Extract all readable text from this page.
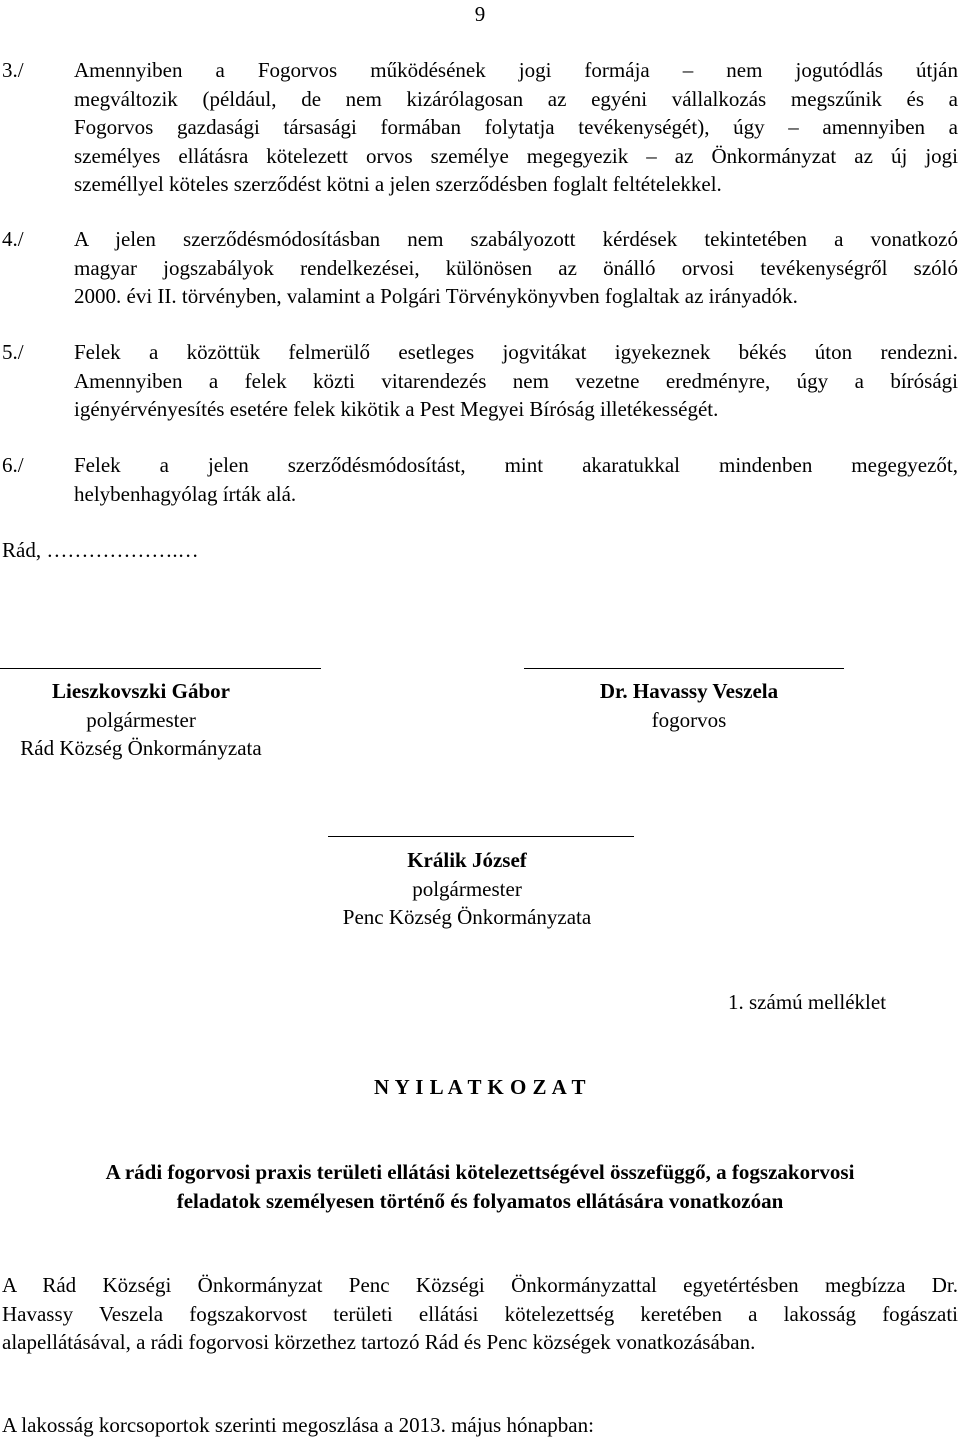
9
3./ Amennyiben a Fogorvos működésének jogi formája – nem jogutódlás útján
megváltozik (például, de nem kizárólagosan az egyéni vállalkozás megszűnik és a
Fogorvos gazdasági társasági formában folytatja tevékenységét), úgy – amennyiben a
személyes ellátásra kötelezett orvos személye megegyezik – az Önkormányzat az új jogi
személlyel köteles szerződést kötni a jelen szerződésben foglalt feltételekkel.
4./ A jelen szerződésmódosításban nem szabályozott kérdések tekintetében a vonatkozó
magyar jogszabályok rendelkezései, különösen az önálló orvosi tevékenységről szóló
2000. évi II. törvényben, valamint a Polgári Törvénykönyvben foglaltak az irányadók.
5./ Felek a közöttük felmerülő esetleges jogvitákat igyekeznek békés úton rendezni.
Amennyiben a felek közti vitarendezés nem vezetne eredményre, úgy a bírósági
igényérvényesítés esetére felek kikötik a Pest Megyei Bíróság illetékességét.
6./ Felek a jelen szerződésmódosítást, mint akaratukkal mindenben megegyezőt,
helybenhagyólag írták alá.
Rád, ……………….…
Lieszkovszki Gábor
polgármester
Rád Község Önkormányzata
Dr. Havassy Veszela
fogorvos
Králik József
polgármester
Penc Község Önkormányzata
1. számú melléklet
N Y I L A T K O Z A T
A rádi fogorvosi praxis területi ellátási kötelezettségével összefüggő, a fogszakorvosi
feladatok személyesen történő és folyamatos ellátására vonatkozóan
A Rád Községi Önkormányzat Penc Községi Önkormányzattal egyetértésben megbízza Dr.
Havassy Veszela fogszakorvost területi ellátási kötelezettség keretében a lakosság fogászati
alapellátásával, a rádi fogorvosi körzethez tartozó Rád és Penc községek vonatkozásában.
A lakosság korcsoportok szerinti megoszlása a 2013. május hónapban:
